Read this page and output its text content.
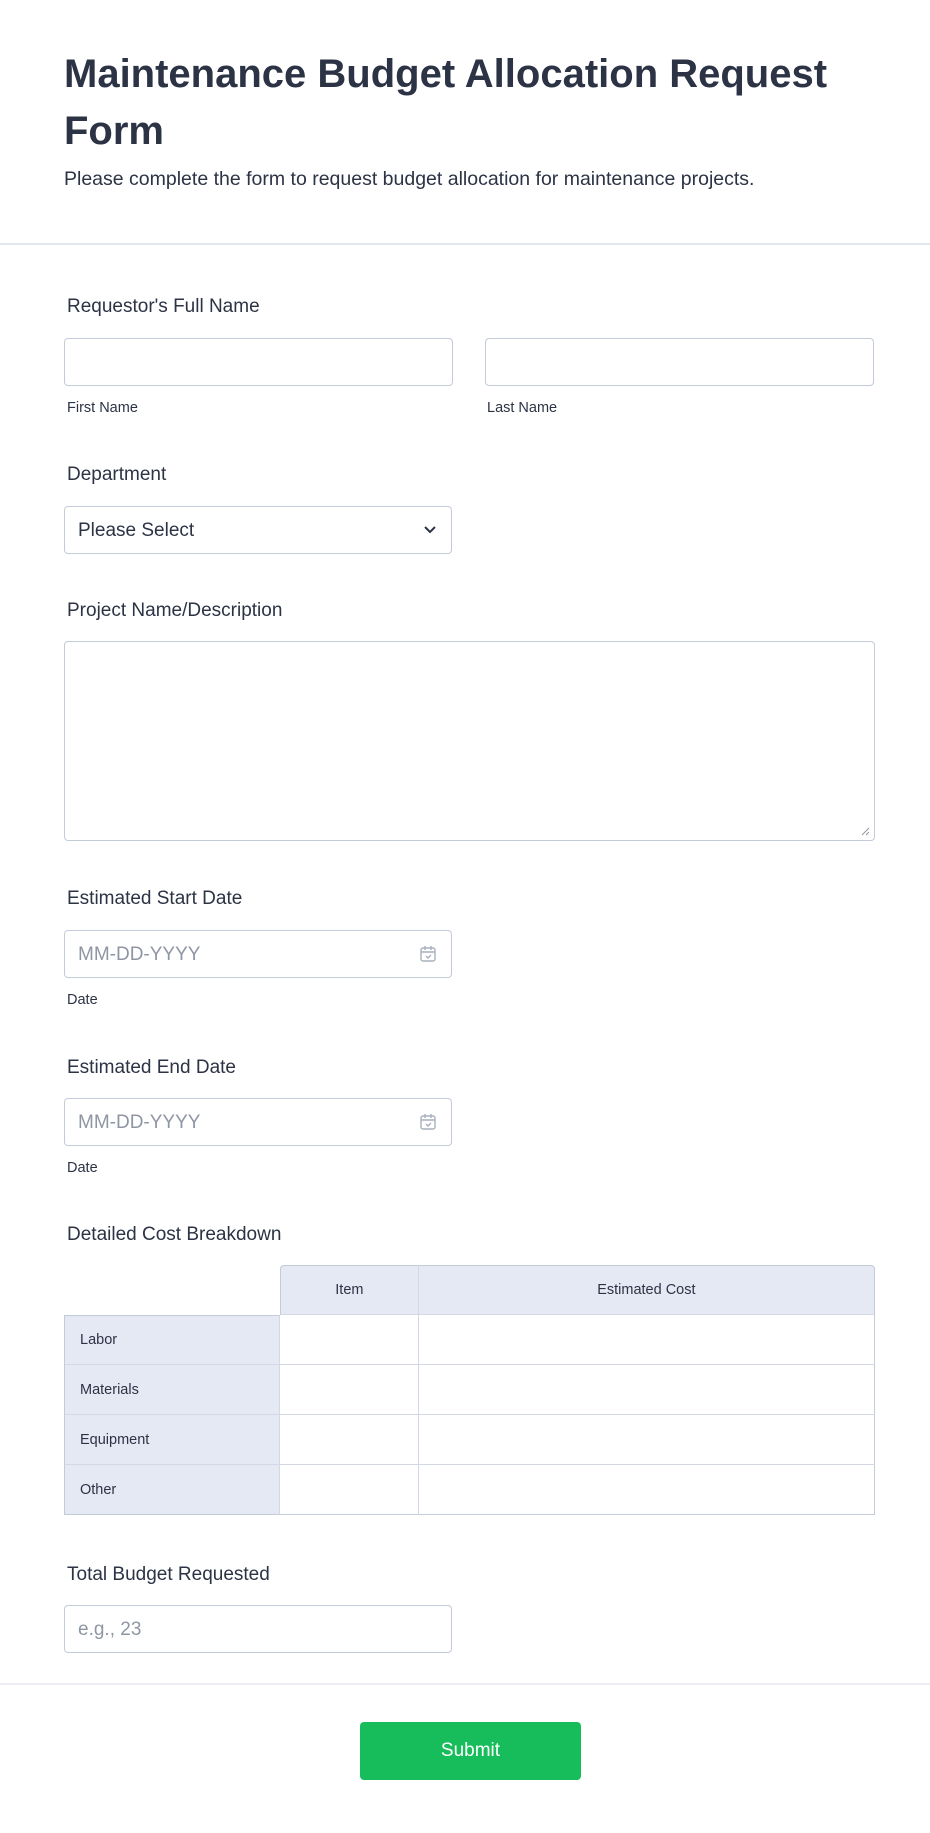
Maintenance Budget Allocation Request Form
Please complete the form to request budget allocation for maintenance projects.
Requestor's Full Name
First Name	Last Name
Department
Please Select
Project Name/Description
Estimated Start Date
MM-DD-YYYY
Date
Estimated End Date
MM-DD-YYYY
Date
Detailed Cost Breakdown
	Item	Estimated Cost
Labor		
Materials		
Equipment		
Other		
Total Budget Requested
e.g., 23
Submit
